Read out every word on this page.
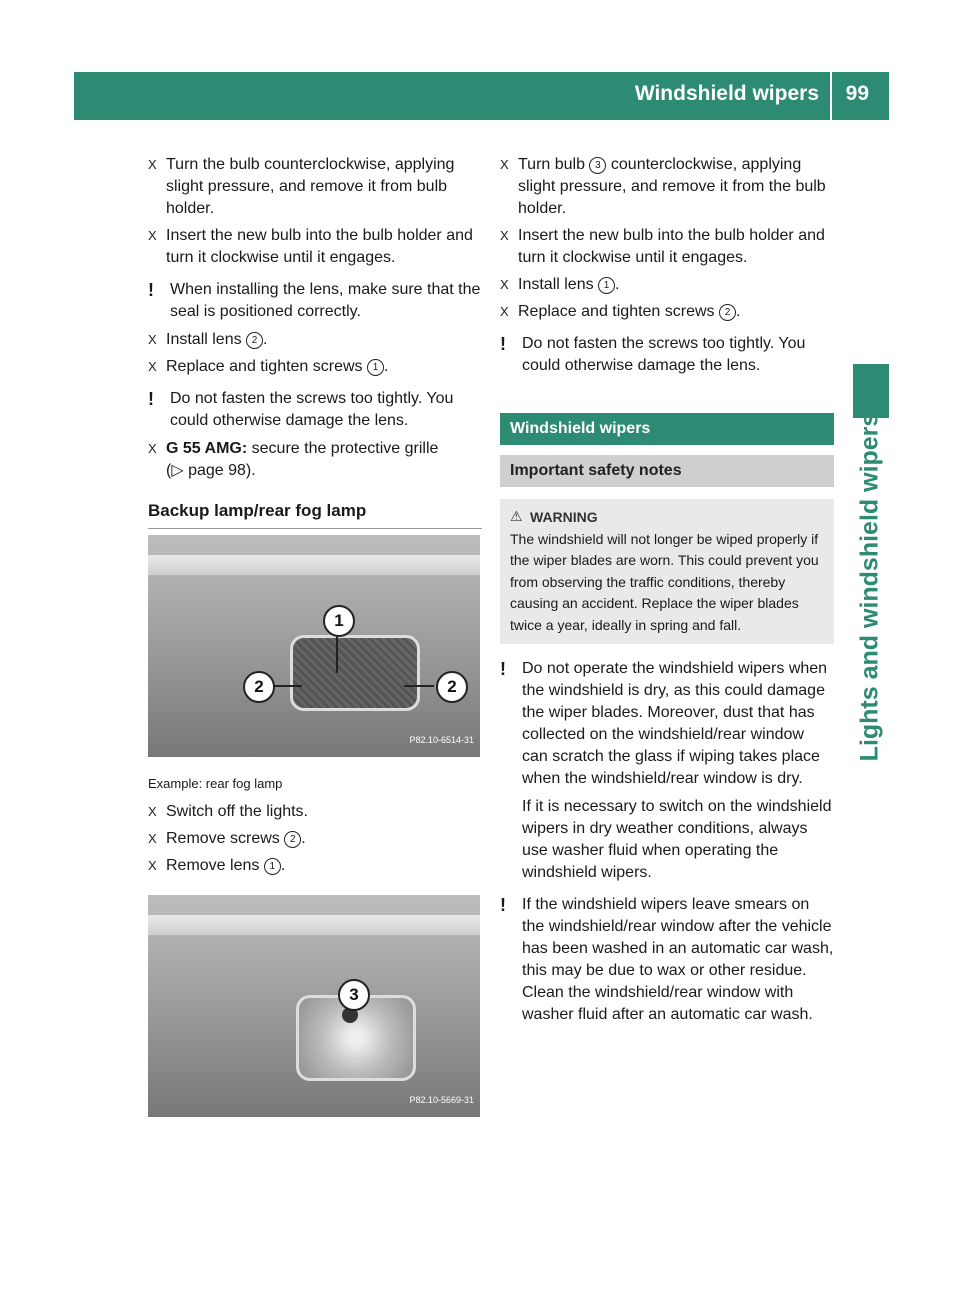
Windshield wipers 99
Lights and windshield wipers
X Turn the bulb counterclockwise, applying slight pressure, and remove it from bulb holder.
X Insert the new bulb into the bulb holder and turn it clockwise until it engages.
! When installing the lens, make sure that the seal is positioned correctly.
X Install lens 2 .
X Replace and tighten screws 1 .
! Do not fasten the screws too tightly. You could otherwise damage the lens.
X G 55 AMG: secure the protective grille
(▷ page 98).
Backup lamp/rear fog lamp
1
2	2
P82.10-6514-31
Example: rear fog lamp
X Switch off the lights.
X Remove screws 2 .
X Remove lens 1 .
3
P82.10-5669-31
X Turn bulb 3 counterclockwise, applying slight pressure, and remove it from the bulb holder.
X Insert the new bulb into the bulb holder and turn it clockwise until it engages.
X Install lens 1 .
X Replace and tighten screws 2 .
! Do not fasten the screws too tightly. You could otherwise damage the lens.
Windshield wipers
Important safety notes
⚠ WARNING
The windshield will not longer be wiped properly if the wiper blades are worn. This could prevent you from observing the traffic conditions, thereby causing an accident. Replace the wiper blades twice a year, ideally in spring and fall.
! Do not operate the windshield wipers when the windshield is dry, as this could damage the wiper blades. Moreover, dust that has collected on the windshield/rear window can scratch the glass if wiping takes place when the windshield/rear window is dry.
If it is necessary to switch on the windshield wipers in dry weather conditions, always use washer fluid when operating the windshield wipers.
! If the windshield wipers leave smears on the windshield/rear window after the vehicle has been washed in an automatic car wash, this may be due to wax or other residue. Clean the windshield/rear window with washer fluid after an automatic car wash.
